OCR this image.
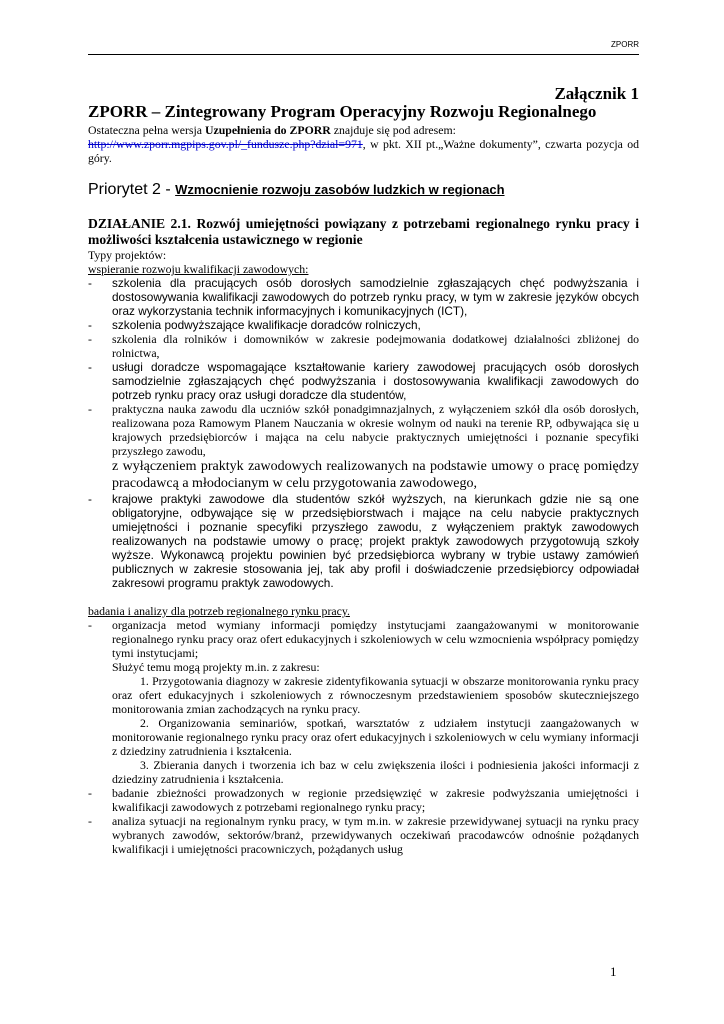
ZPORR

Załącznik 1

ZPORR – Zintegrowany Program Operacyjny Rozwoju Regionalnego

Ostateczna pełna wersja Uzupełnienia do ZPORR znajduje się pod adresem:
http://www.zporr.mgpips.gov.pl/_fundusze.php?dzial=971, w pkt. XII pt.„Ważne dokumenty”, czwarta pozycja od góry.

Priorytet 2 - Wzmocnienie rozwoju zasobów ludzkich w regionach

DZIAŁANIE 2.1. Rozwój umiejętności powiązany z potrzebami regionalnego rynku pracy i możliwości kształcenia ustawicznego w regionie

Typy projektów:

wspieranie rozwoju kwalifikacji zawodowych:

- szkolenia dla pracujących osób dorosłych samodzielnie zgłaszających chęć podwyższania i dostosowywania kwalifikacji zawodowych do potrzeb rynku pracy, w tym w zakresie języków obcych oraz wykorzystania technik informacyjnych i komunikacyjnych (ICT),
- szkolenia podwyższające kwalifikacje doradców rolniczych,
- szkolenia dla rolników i domowników w zakresie podejmowania dodatkowej działalności zbliżonej do rolnictwa,
- usługi doradcze wspomagające kształtowanie kariery zawodowej pracujących osób dorosłych samodzielnie zgłaszających chęć podwyższania i dostosowywania kwalifikacji zawodowych do potrzeb rynku pracy oraz usługi doradcze dla studentów,
- praktyczna nauka zawodu dla uczniów szkół ponadgimnazjalnych, z wyłączeniem szkół dla osób dorosłych, realizowana poza Ramowym Planem Nauczania w okresie wolnym od nauki na terenie RP, odbywająca się u krajowych przedsiębiorców i mająca na celu nabycie praktycznych umiejętności i poznanie specyfiki przyszłego zawodu,

z wyłączeniem praktyk zawodowych realizowanych na podstawie umowy o pracę pomiędzy pracodawcą a młodocianym w celu przygotowania zawodowego,

- krajowe praktyki zawodowe dla studentów szkół wyższych, na kierunkach gdzie nie są one obligatoryjne, odbywające się w przedsiębiorstwach i mające na celu nabycie praktycznych umiejętności i poznanie specyfiki przyszłego zawodu, z wyłączeniem praktyk zawodowych realizowanych na podstawie umowy o pracę; projekt praktyk zawodowych przygotowują szkoły wyższe. Wykonawcą projektu powinien być przedsiębiorca wybrany w trybie ustawy zamówień publicznych w zakresie stosowania jej, tak aby profil i doświadczenie przedsiębiorcy odpowiadał zakresowi programu praktyk zawodowych.

badania i analizy dla potrzeb regionalnego rynku pracy.

- organizacja metod wymiany informacji pomiędzy instytucjami zaangażowanymi w monitorowanie regionalnego rynku pracy oraz ofert edukacyjnych i szkoleniowych w celu wzmocnienia współpracy pomiędzy tymi instytucjami;

Służyć temu mogą projekty m.in. z zakresu:

1. Przygotowania diagnozy w zakresie zidentyfikowania sytuacji w obszarze monitorowania rynku pracy oraz ofert edukacyjnych i szkoleniowych z równoczesnym przedstawieniem sposobów skuteczniejszego monitorowania zmian zachodzących na rynku pracy.

2. Organizowania seminariów, spotkań, warsztatów z udziałem instytucji zaangażowanych w monitorowanie regionalnego rynku pracy oraz ofert edukacyjnych i szkoleniowych w celu wymiany informacji z dziedziny zatrudnienia i kształcenia.

3. Zbierania danych i tworzenia ich baz w celu zwiększenia ilości i podniesienia jakości informacji z dziedziny zatrudnienia i kształcenia.

- badanie zbieżności prowadzonych w regionie przedsięwzięć w zakresie podwyższania umiejętności i kwalifikacji zawodowych z potrzebami regionalnego rynku pracy;
- analiza sytuacji na regionalnym rynku pracy, w tym m.in. w zakresie przewidywanej sytuacji na rynku pracy wybranych zawodów, sektorów/branż, przewidywanych oczekiwań pracodawców odnośnie pożądanych kwalifikacji i umiejętności pracowniczych, pożądanych usług
1
